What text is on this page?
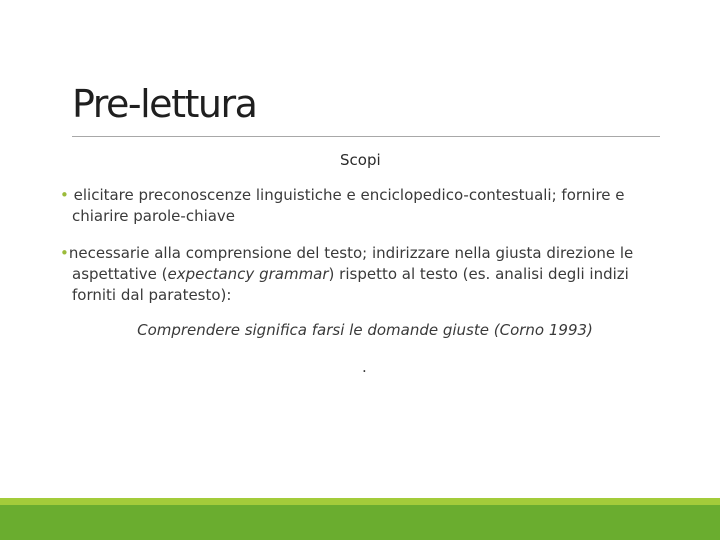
Pre-lettura
Scopi
• elicitare preconoscenze linguistiche e enciclopedico-contestuali; fornire e chiarire parole-chiave
•necessarie alla comprensione del testo; indirizzare nella giusta direzione le aspettative (expectancy grammar) rispetto al testo (es. analisi degli indizi forniti dal paratesto):
Comprendere significa farsi le domande giuste (Corno 1993)
.
